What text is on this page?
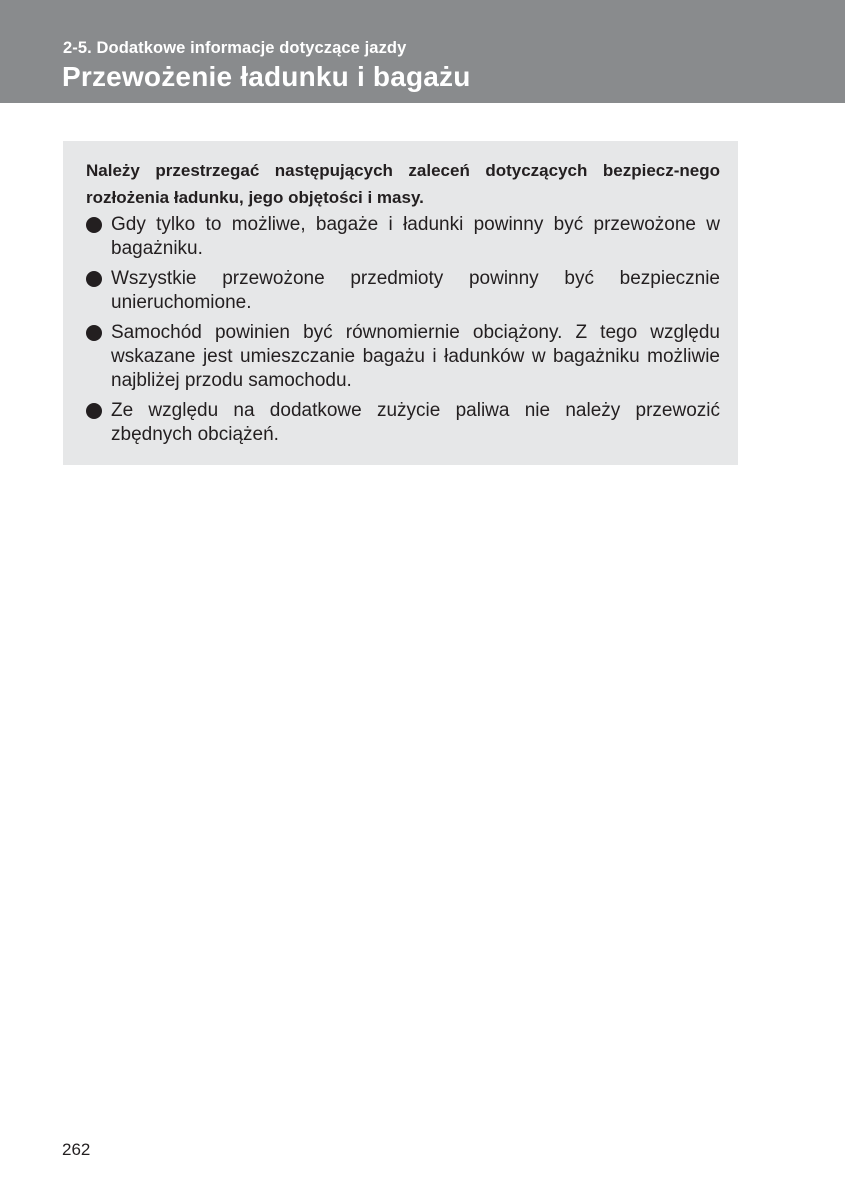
2-5. Dodatkowe informacje dotyczące jazdy
Przewożenie ładunku i bagażu

Należy przestrzegać następujących zaleceń dotyczących bezpiecz-nego rozłożenia ładunku, jego objętości i masy.

Gdy tylko to możliwe, bagaże i ładunki powinny być przewożone w bagażniku.
Wszystkie przewożone przedmioty powinny być bezpiecznie unieruchomione.
Samochód powinien być równomiernie obciążony. Z tego względu wskazane jest umieszczanie bagażu i ładunków w bagażniku możliwie najbliżej przodu samochodu.
Ze względu na dodatkowe zużycie paliwa nie należy przewozić zbędnych obciążeń.
262
